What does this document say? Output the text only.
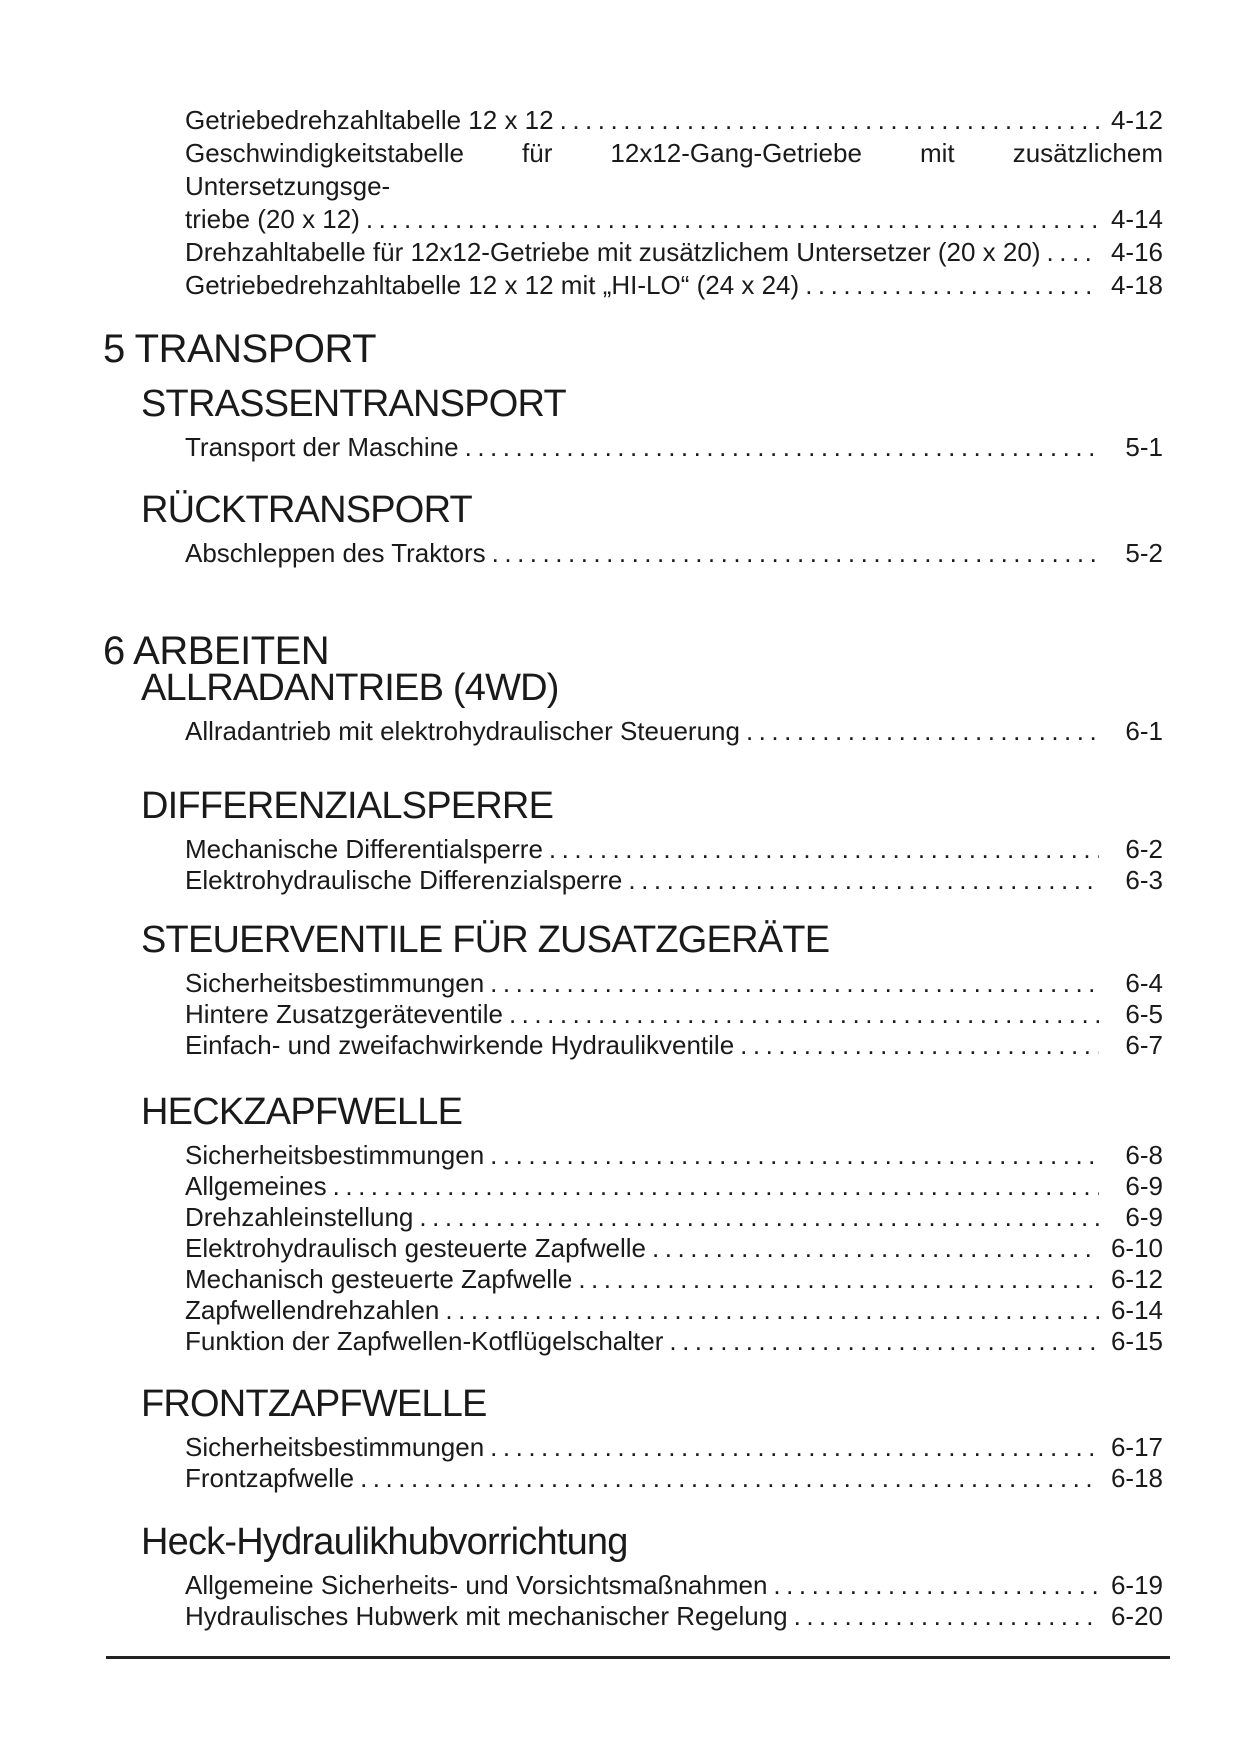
Getriebedrehzahltabelle 12 x 12 .....	4-12
Geschwindigkeitstabelle für 12x12-Gang-Getriebe mit zusätzlichem Untersetzungsge-
triebe (20 x 12) .....	4-14
Drehzahltabelle für 12x12-Getriebe mit zusätzlichem Untersetzer (20 x 20) .....	4-16
Getriebedrehzahltabelle 12 x 12 mit „HI-LO“ (24 x 24) .....	4-18
5 TRANSPORT
STRASSENTRANSPORT
Transport der Maschine .....	5-1
RÜCKTRANSPORT
Abschleppen des Traktors .....	5-2
6 ARBEITEN
ALLRADANTRIEB (4WD)
Allradantrieb mit elektrohydraulischer Steuerung .....	6-1
DIFFERENZIALSPERRE
Mechanische Differentialsperre .....	6-2
Elektrohydraulische Differenzialsperre .....	6-3
STEUERVENTILE FÜR ZUSATZGERÄTE
Sicherheitsbestimmungen .....	6-4
Hintere Zusatzgeräteventile .....	6-5
Einfach- und zweifachwirkende Hydraulikventile .....	6-7
HECKZAPFWELLE
Sicherheitsbestimmungen .....	6-8
Allgemeines .....	6-9
Drehzahleinstellung .....	6-9
Elektrohydraulisch gesteuerte Zapfwelle .....	6-10
Mechanisch gesteuerte Zapfwelle .....	6-12
Zapfwellendrehzahlen .....	6-14
Funktion der Zapfwellen-Kotflügelschalter .....	6-15
FRONTZAPFWELLE
Sicherheitsbestimmungen .....	6-17
Frontzapfwelle .....	6-18
Heck-Hydraulikhubvorrichtung
Allgemeine Sicherheits- und Vorsichtsmaßnahmen .....	6-19
Hydraulisches Hubwerk mit mechanischer Regelung .....	6-20
